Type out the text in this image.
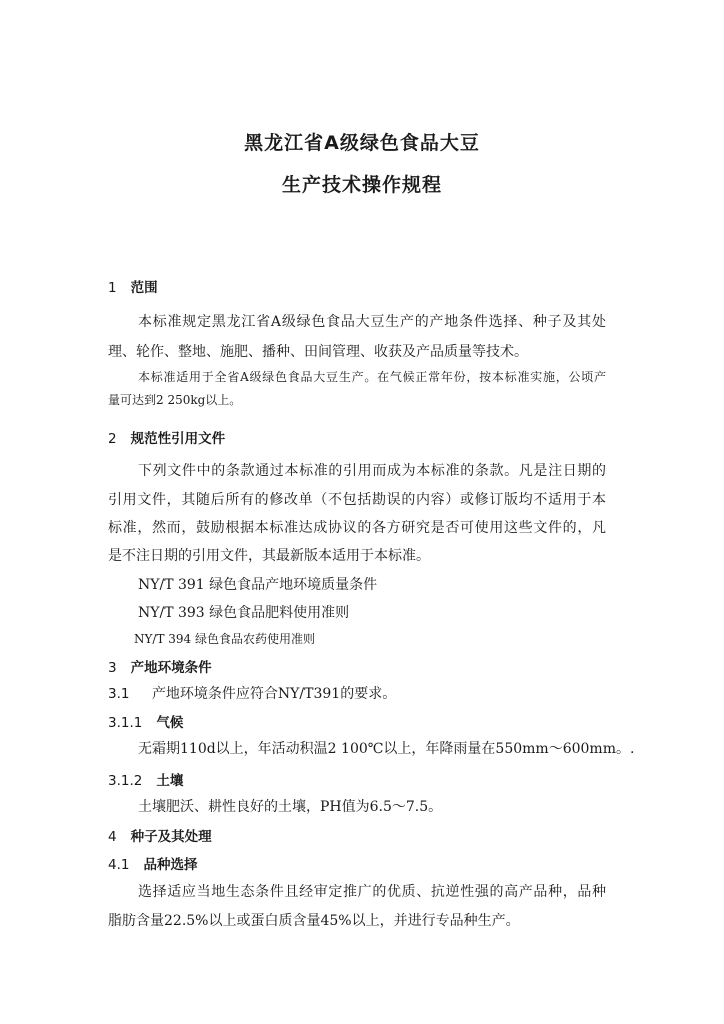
黑龙江省A级绿色食品大豆
生产技术操作规程
1 范围
本标准规定黑龙江省A级绿色食品大豆生产的产地条件选择、种子及其处
理、轮作、整地、施肥、播种、田间管理、收获及产品质量等技术。
本标准适用于全省A级绿色食品大豆生产。在气候正常年份，按本标准实施，公顷产
量可达到2 250kg以上。
2 规范性引用文件
下列文件中的条款通过本标准的引用而成为本标准的条款。凡是注日期的
引用文件，其随后所有的修改单（不包括勘误的内容）或修订版均不适用于本
标准，然而，鼓励根据本标准达成协议的各方研究是否可使用这些文件的，凡
是不注日期的引用文件，其最新版本适用于本标准。
NY/T 391 绿色食品产地环境质量条件
NY/T 393 绿色食品肥料使用准则
NY/T 394 绿色食品农药使用准则
3 产地环境条件
3.1 产地环境条件应符合NY/T391的要求。
3.1.1 气候
无霜期110d以上，年活动积温2 100℃以上，年降雨量在550mm～600mm。.
3.1.2 土壤
土壤肥沃、耕性良好的土壤，PH值为6.5～7.5。
4 种子及其处理
4.1 品种选择
选择适应当地生态条件且经审定推广的优质、抗逆性强的高产品种，品种
脂肪含量22.5%以上或蛋白质含量45%以上，并进行专品种生产。
